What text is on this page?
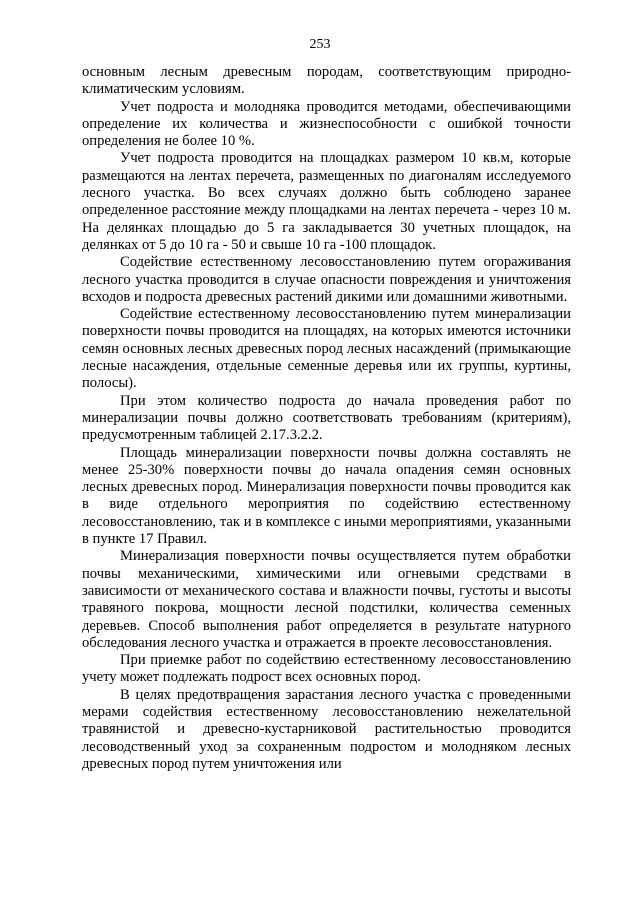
253

основным лесным древесным породам, соответствующим природно-климатическим условиям.

Учет подроста и молодняка проводится методами, обеспечивающими определение их количества и жизнеспособности с ошибкой точности определения не более 10 %.

Учет подроста проводится на площадках размером 10 кв.м, которые размещаются на лентах перечета, размещенных по диагоналям исследуемого лесного участка. Во всех случаях должно быть соблюдено заранее определенное расстояние между площадками на лентах перечета - через 10 м. На делянках площадью до 5 га закладывается 30 учетных площадок, на делянках от 5 до 10 га - 50 и свыше 10 га -100 площадок.

Содействие естественному лесовосстановлению путем огораживания лесного участка проводится в случае опасности повреждения и уничтожения всходов и подроста древесных растений дикими или домашними животными.

Содействие естественному лесовосстановлению путем минерализации поверхности почвы проводится на площадях, на которых имеются источники семян основных лесных древесных пород лесных насаждений (примыкающие лесные насаждения, отдельные семенные деревья или их группы, куртины, полосы).

При этом количество подроста до начала проведения работ по минерализации почвы должно соответствовать требованиям (критериям), предусмотренным таблицей 2.17.3.2.2.

Площадь минерализации поверхности почвы должна составлять не менее 25-30% поверхности почвы до начала опадения семян основных лесных древесных пород. Минерализация поверхности почвы проводится как в виде отдельного мероприятия по содействию естественному лесовосстановлению, так и в комплексе с иными мероприятиями, указанными в пункте 17 Правил.

Минерализация поверхности почвы осуществляется путем обработки почвы механическими, химическими или огневыми средствами в зависимости от механического состава и влажности почвы, густоты и высоты травяного покрова, мощности лесной подстилки, количества семенных деревьев. Способ выполнения работ определяется в результате натурного обследования лесного участка и отражается в проекте лесовосстановления.

При приемке работ по содействию естественному лесовосстановлению учету может подлежать подрост всех основных пород.

В целях предотвращения зарастания лесного участка с проведенными мерами содействия естественному лесовосстановлению нежелательной травянистой и древесно-кустарниковой растительностью проводится лесоводственный уход за сохраненным подростом и молодняком лесных древесных пород путем уничтожения или
